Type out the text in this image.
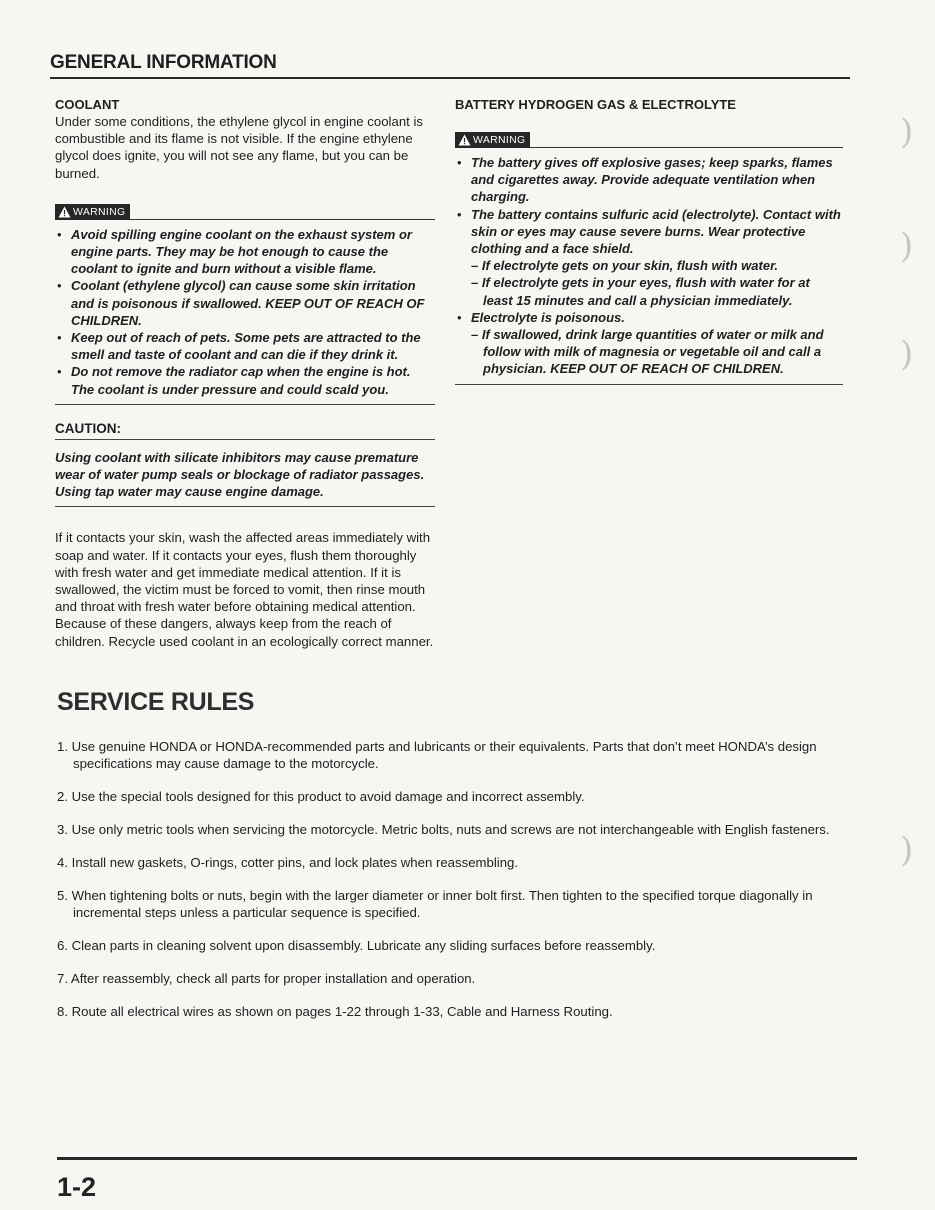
GENERAL INFORMATION
COOLANT

Under some conditions, the ethylene glycol in engine coolant is combustible and its flame is not visible. If the engine ethylene glycol does ignite, you will not see any flame, but you can be burned.

WARNING
• Avoid spilling engine coolant on the exhaust system or engine parts. They may be hot enough to cause the coolant to ignite and burn without a visible flame.
• Coolant (ethylene glycol) can cause some skin irritation and is poisonous if swallowed. KEEP OUT OF REACH OF CHILDREN.
• Keep out of reach of pets. Some pets are attracted to the smell and taste of coolant and can die if they drink it.
• Do not remove the radiator cap when the engine is hot. The coolant is under pressure and could scald you.
CAUTION:

Using coolant with silicate inhibitors may cause premature wear of water pump seals or blockage of radiator passages. Using tap water may cause engine damage.

If it contacts your skin, wash the affected areas immediately with soap and water. If it contacts your eyes, flush them thoroughly with fresh water and get immediate medical attention. If it is swallowed, the victim must be forced to vomit, then rinse mouth and throat with fresh water before obtaining medical attention. Because of these dangers, always keep from the reach of children. Recycle used coolant in an ecologically correct manner.

BATTERY HYDROGEN GAS & ELECTROLYTE
WARNING
• The battery gives off explosive gases; keep sparks, flames and cigarettes away. Provide adequate ventilation when charging.
• The battery contains sulfuric acid (electrolyte). Contact with skin or eyes may cause severe burns. Wear protective clothing and a face shield.
– If electrolyte gets on your skin, flush with water.
– If electrolyte gets in your eyes, flush with water for at least 15 minutes and call a physician immediately.
• Electrolyte is poisonous.
– If swallowed, drink large quantities of water or milk and follow with milk of magnesia or vegetable oil and call a physician. KEEP OUT OF REACH OF CHILDREN.
SERVICE RULES
1. Use genuine HONDA or HONDA-recommended parts and lubricants or their equivalents. Parts that don’t meet HONDA’s design specifications may cause damage to the motorcycle.
2. Use the special tools designed for this product to avoid damage and incorrect assembly.
3. Use only metric tools when servicing the motorcycle. Metric bolts, nuts and screws are not interchangeable with English fasteners.
4. Install new gaskets, O-rings, cotter pins, and lock plates when reassembling.
5. When tightening bolts or nuts, begin with the larger diameter or inner bolt first. Then tighten to the specified torque diagonally in incremental steps unless a particular sequence is specified.
6. Clean parts in cleaning solvent upon disassembly. Lubricate any sliding surfaces before reassembly.
7. After reassembly, check all parts for proper installation and operation.
8. Route all electrical wires as shown on pages 1-22 through 1-33, Cable and Harness Routing.
1-2
)
)
)
)
